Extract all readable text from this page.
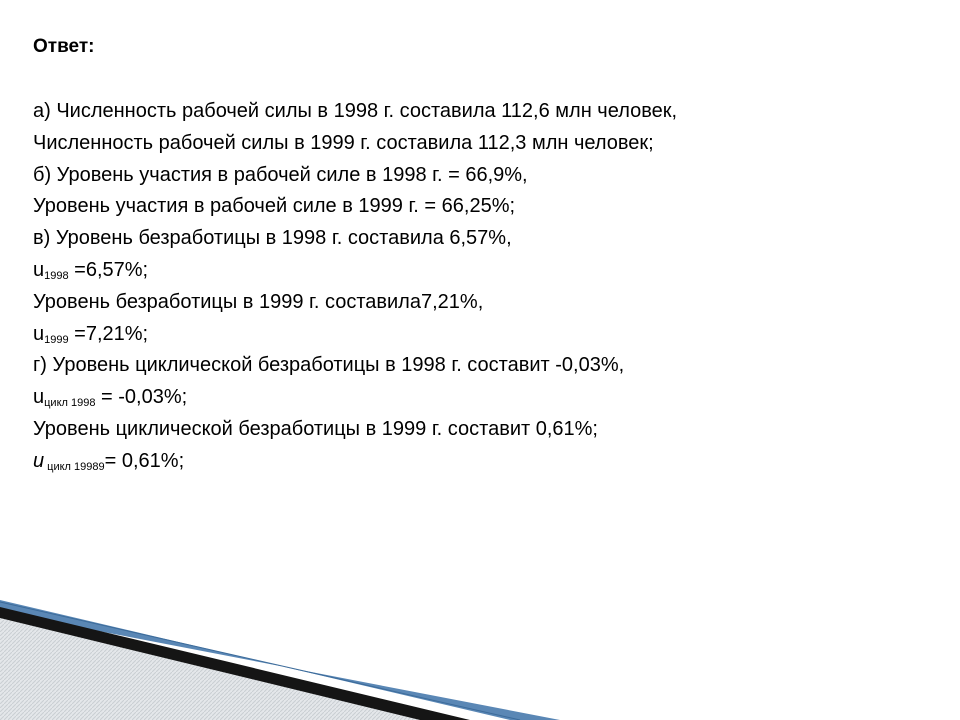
Ответ:
а) Численность рабочей силы в 1998 г. составила 112,6 млн человек,
Численность рабочей силы в 1999 г. составила 112,3 млн человек;
б) Уровень участия в рабочей силе в 1998 г. = 66,9%,
Уровень участия в рабочей силе в 1999 г. = 66,25%;
в) Уровень безработицы в 1998 г. составила 6,57%,
$u_{1998} =6,57\%$;
Уровень безработицы в 1999 г. составила7,21%,
$u_{1999} =7,21\%$;
г) Уровень циклической безработицы в 1998 г. составит -0,03%,
$u_{цикл 1998} = -0,03\%$;
Уровень циклической безработицы в 1999 г. составит 0,61%;
u $_{цикл 19989}$= 0,61%;
